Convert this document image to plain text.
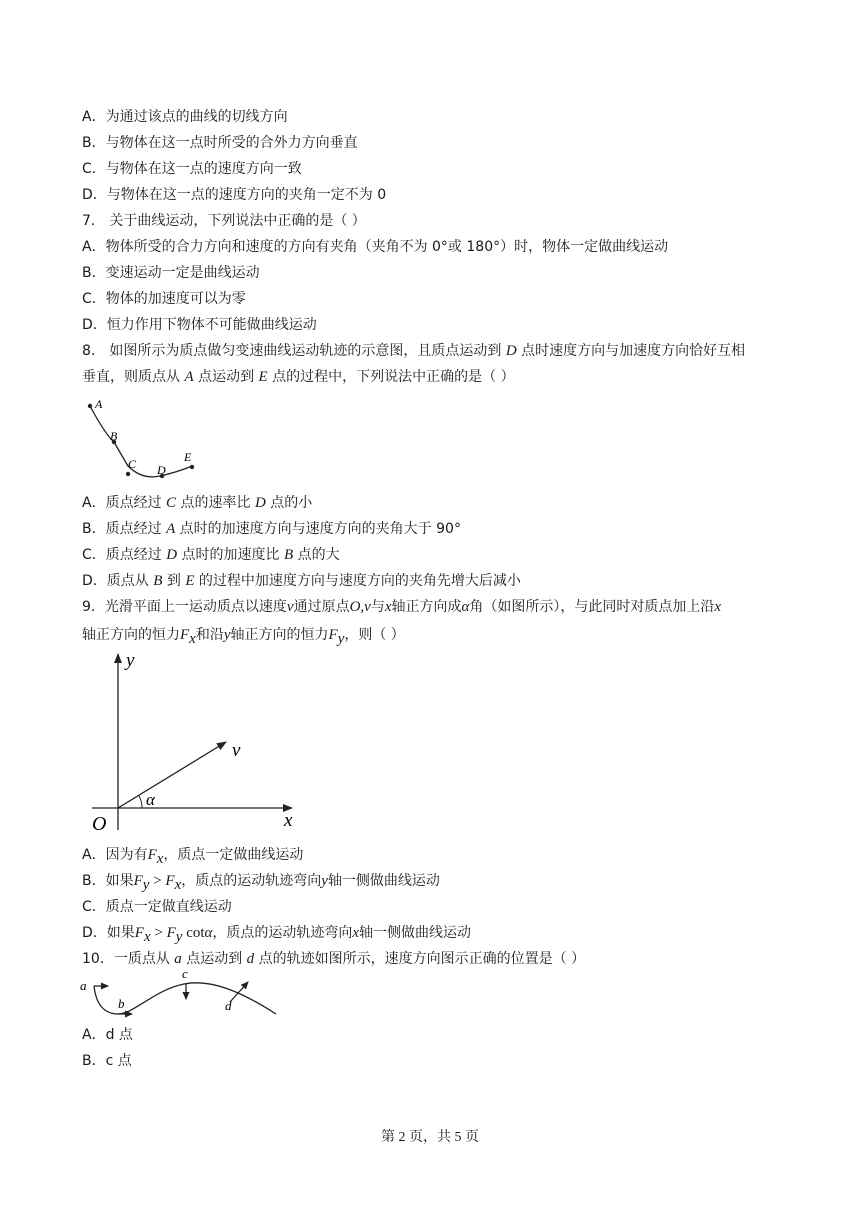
A．为通过该点的曲线的切线方向
B．与物体在这一点时所受的合外力方向垂直
C．与物体在这一点的速度方向一致
D．与物体在这一点的速度方向的夹角一定不为 0
7． 关于曲线运动，下列说法中正确的是（ ）
A．物体所受的合力方向和速度的方向有夹角（夹角不为 0°或 180°）时，物体一定做曲线运动
B．变速运动一定是曲线运动
C．物体的加速度可以为零
D．恒力作用下物体不可能做曲线运动
8． 如图所示为质点做匀变速曲线运动轨迹的示意图，且质点运动到 D 点时速度方向与加速度方向恰好互相
垂直，则质点从 A 点运动到 E 点的过程中，下列说法中正确的是（ ）
A
B
C D
E
A．质点经过 C 点的速率比 D 点的小
B．质点经过 A 点时的加速度方向与速度方向的夹角大于 90°
C．质点经过 D 点时的加速度比 B 点的大
D．质点从 B 到 E 的过程中加速度方向与速度方向的夹角先增大后减小
9．光滑平面上一运动质点以速度v通过原点O,v与x轴正方向成α角（如图所示），与此同时对质点加上沿x
轴正方向的恒力$F_x$和沿y轴正方向的恒力$F_y$，则（ ）
y
v
α
O	x
A．因为有$F_x$，质点一定做曲线运动
B．如果$F_y > F_x$，质点的运动轨迹弯向y轴一侧做曲线运动
C．质点一定做直线运动
D．如果$F_x > F_y$ cotα，质点的运动轨迹弯向x轴一侧做曲线运动
10．一质点从 a 点运动到 d 点的轨迹如图所示，速度方向图示正确的位置是（ ）
a
b
c
d
A．d 点
B．c 点
第 2 页，共 5 页
